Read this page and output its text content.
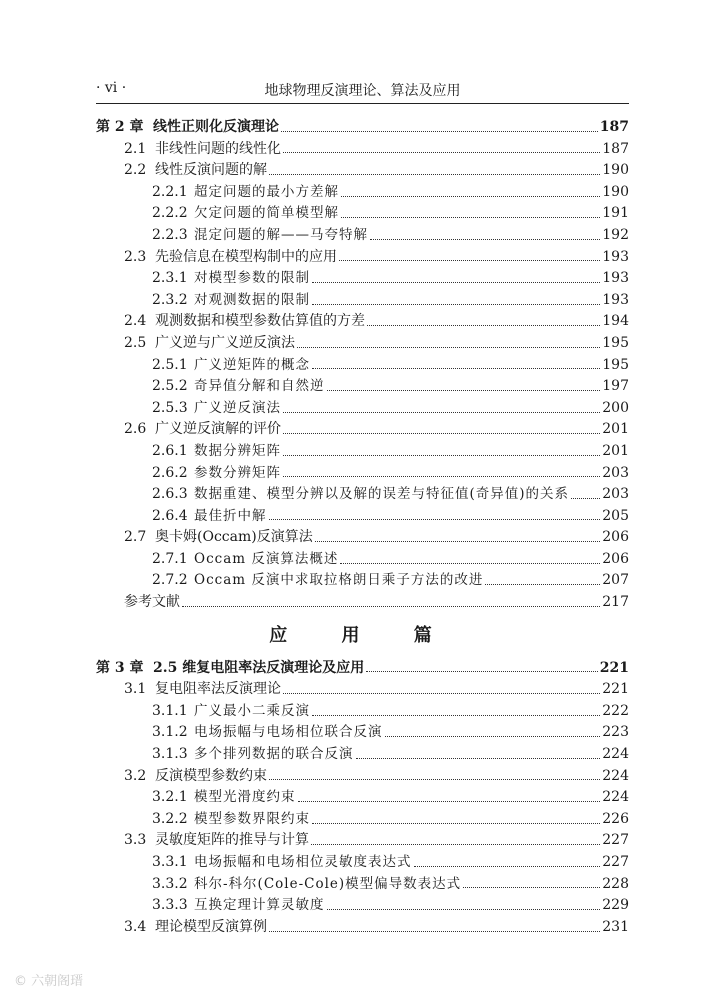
· vi ·	地球物理反演理论、算法及应用
第 2 章 线性正则化反演理论	187
2.1 非线性问题的线性化	187
2.2 线性反演问题的解	190
2.2.1 超定问题的最小方差解	190
2.2.2 欠定问题的简单模型解	191
2.2.3 混定问题的解——马夸特解	192
2.3 先验信息在模型构制中的应用	193
2.3.1 对模型参数的限制	193
2.3.2 对观测数据的限制	193
2.4 观测数据和模型参数估算值的方差	194
2.5 广义逆与广义逆反演法	195
2.5.1 广义逆矩阵的概念	195
2.5.2 奇异值分解和自然逆	197
2.5.3 广义逆反演法	200
2.6 广义逆反演解的评价	201
2.6.1 数据分辨矩阵	201
2.6.2 参数分辨矩阵	203
2.6.3 数据重建、模型分辨以及解的误差与特征值(奇异值)的关系 203
2.6.4 最佳折中解	205
2.7 奥卡姆(Occam)反演算法	206
2.7.1 Occam 反演算法概述	206
2.7.2 Occam 反演中求取拉格朗日乘子方法的改进	207
参考文献	217
应 用 篇
第 3 章 2.5 维复电阻率法反演理论及应用	221
3.1 复电阻率法反演理论	221
3.1.1 广义最小二乘反演	222
3.1.2 电场振幅与电场相位联合反演	223
3.1.3 多个排列数据的联合反演	224
3.2 反演模型参数约束	224
3.2.1 模型光滑度约束	224
3.2.2 模型参数界限约束	226
3.3 灵敏度矩阵的推导与计算	227
3.3.1 电场振幅和电场相位灵敏度表达式	227
3.3.2 科尔-科尔(Cole-Cole)模型偏导数表达式	228
3.3.3 互换定理计算灵敏度	229
3.4 理论模型反演算例	231
© 六朝阁瑨
